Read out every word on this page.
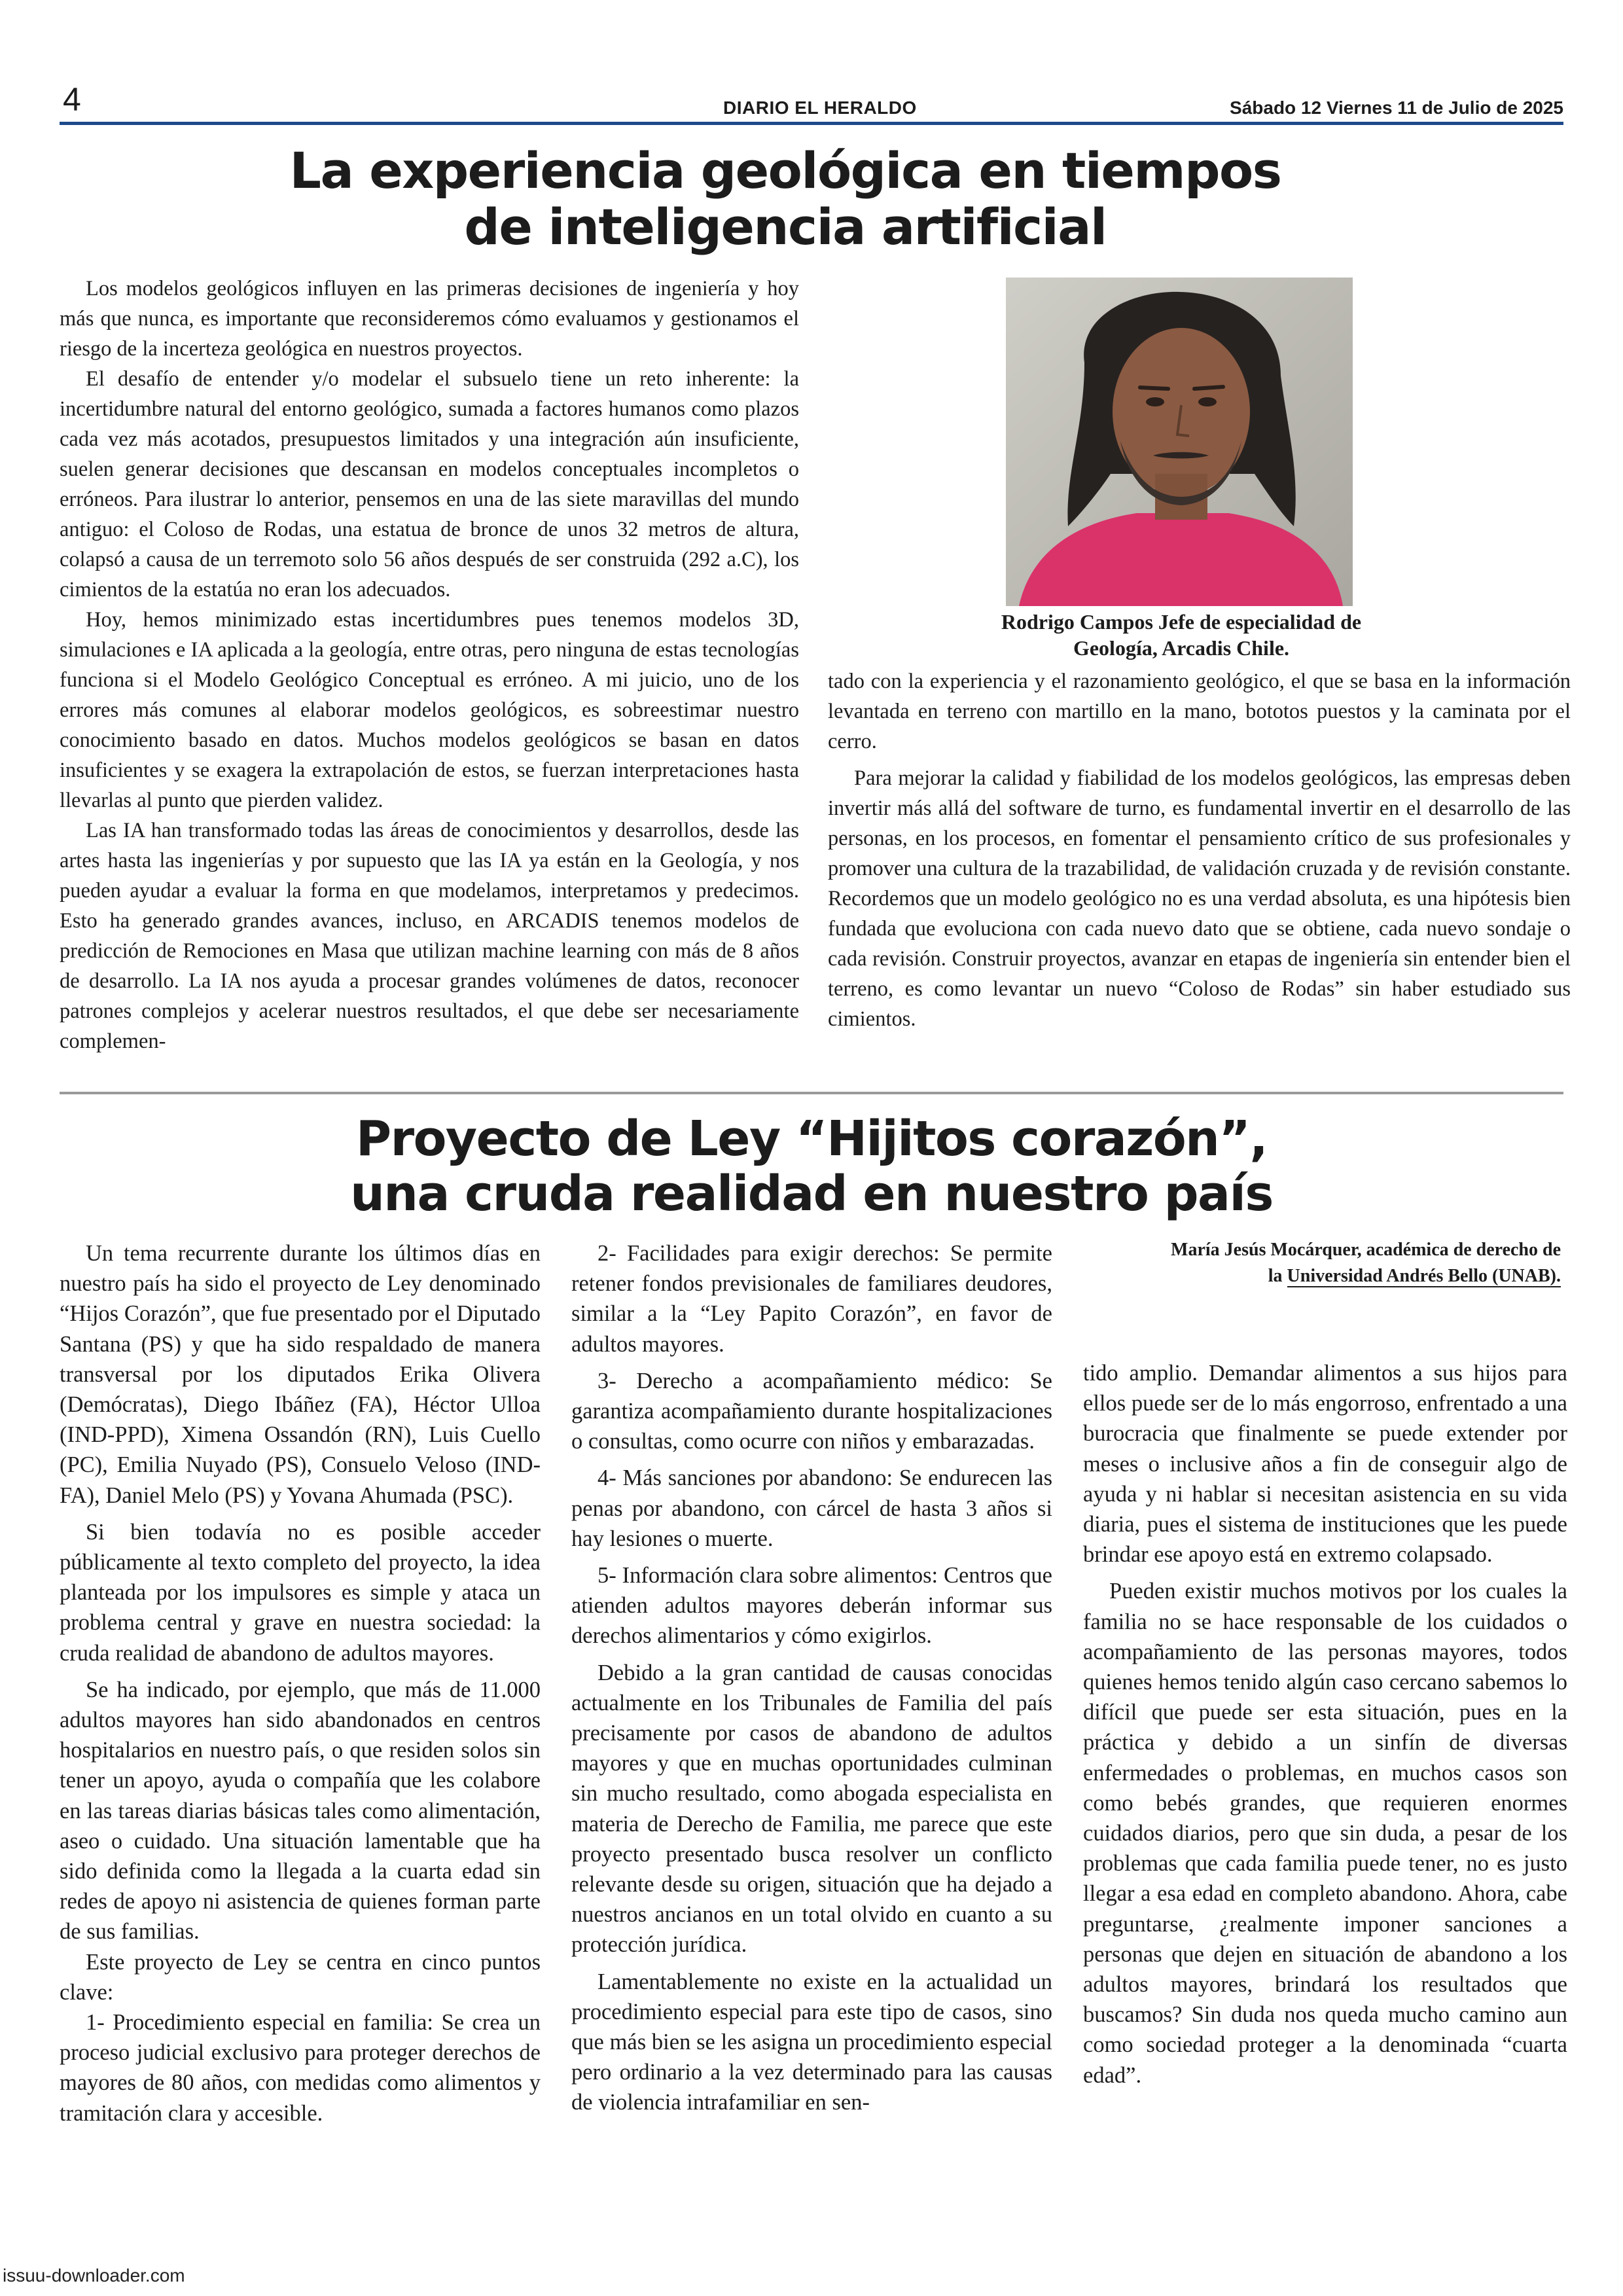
4	DIARIO EL HERALDO	Sábado 12 Viernes 11 de Julio de 2025
La experiencia geológica en tiempos
de inteligencia artificial

Los modelos geológicos influyen en las primeras decisiones de ingeniería y hoy más que nunca, es importante que reconsideremos cómo evaluamos y gestionamos el riesgo de la incerteza geológica en nuestros proyectos.

El desafío de entender y/o modelar el subsuelo tiene un reto inherente: la incertidumbre natural del entorno geológico, sumada a factores humanos como plazos cada vez más acotados, presupuestos limitados y una integración aún insuficiente, suelen generar decisiones que descansan en modelos conceptuales incompletos o erróneos. Para ilustrar lo anterior, pensemos en una de las siete maravillas del mundo antiguo: el Coloso de Rodas, una estatua de bronce de unos 32 metros de altura, colapsó a causa de un terremoto solo 56 años después de ser construida (292 a.C), los cimientos de la estatúa no eran los adecuados.

Hoy, hemos minimizado estas incertidumbres pues tenemos modelos 3D, simulaciones e IA aplicada a la geología, entre otras, pero ninguna de estas tecnologías funciona si el Modelo Geológico Conceptual es erróneo. A mi juicio, uno de los errores más comunes al elaborar modelos geológicos, es sobreestimar nuestro conocimiento basado en datos. Muchos modelos geológicos se basan en datos insuficientes y se exagera la extrapolación de estos, se fuerzan interpretaciones hasta llevarlas al punto que pierden validez.

Las IA han transformado todas las áreas de conocimientos y desarrollos, desde las artes hasta las ingenierías y por supuesto que las IA ya están en la Geología, y nos pueden ayudar a evaluar la forma en que modelamos, interpretamos y predecimos. Esto ha generado grandes avances, incluso, en ARCADIS tenemos modelos de predicción de Remociones en Masa que utilizan machine learning con más de 8 años de desarrollo. La IA nos ayuda a procesar grandes volúmenes de datos, reconocer patrones complejos y acelerar nuestros resultados, el que debe ser necesariamente complemen-

Rodrigo Campos Jefe de especialidad de
Geología, Arcadis Chile.

tado con la experiencia y el razonamiento geológico, el que se basa en la información levantada en terreno con martillo en la mano, bototos puestos y la caminata por el cerro.

Para mejorar la calidad y fiabilidad de los modelos geológicos, las empresas deben invertir más allá del software de turno, es fundamental invertir en el desarrollo de las personas, en los procesos, en fomentar el pensamiento crítico de sus profesionales y promover una cultura de la trazabilidad, de validación cruzada y de revisión constante. Recordemos que un modelo geológico no es una verdad absoluta, es una hipótesis bien fundada que evoluciona con cada nuevo dato que se obtiene, cada nuevo sondaje o cada revisión. Construir proyectos, avanzar en etapas de ingeniería sin entender bien el terreno, es como levantar un nuevo “Coloso de Rodas” sin haber estudiado sus cimientos.

Proyecto de Ley “Hijitos corazón”,
una cruda realidad en nuestro país
María Jesús Mocárquer, académica de derecho de
la Universidad Andrés Bello (UNAB).

Un tema recurrente durante los últimos días en nuestro país ha sido el proyecto de Ley denominado “Hijos Corazón”, que fue presentado por el Diputado Santana (PS) y que ha sido respaldado de manera transversal por los diputados Erika Olivera (Demócratas), Diego Ibáñez (FA), Héctor Ulloa (IND-PPD), Ximena Ossandón (RN), Luis Cuello (PC), Emilia Nuyado (PS), Consuelo Veloso (IND-FA), Daniel Melo (PS) y Yovana Ahumada (PSC).

Si bien todavía no es posible acceder públicamente al texto completo del proyecto, la idea planteada por los impulsores es simple y ataca un problema central y grave en nuestra sociedad: la cruda realidad de abandono de adultos mayores.

Se ha indicado, por ejemplo, que más de 11.000 adultos mayores han sido abandonados en centros hospitalarios en nuestro país, o que residen solos sin tener un apoyo, ayuda o compañía que les colabore en las tareas diarias básicas tales como alimentación, aseo o cuidado. Una situación lamentable que ha sido definida como la llegada a la cuarta edad sin redes de apoyo ni asistencia de quienes forman parte de sus familias.

Este proyecto de Ley se centra en cinco puntos clave:

1- Procedimiento especial en familia: Se crea un proceso judicial exclusivo para proteger derechos de mayores de 80 años, con medidas como alimentos y tramitación clara y accesible.

2- Facilidades para exigir derechos: Se permite retener fondos previsionales de familiares deudores, similar a la “Ley Papito Corazón”, en favor de adultos mayores.

3- Derecho a acompañamiento médico: Se garantiza acompañamiento durante hospitalizaciones o consultas, como ocurre con niños y embarazadas.

4- Más sanciones por abandono: Se endurecen las penas por abandono, con cárcel de hasta 3 años si hay lesiones o muerte.

5- Información clara sobre alimentos: Centros que atienden adultos mayores deberán informar sus derechos alimentarios y cómo exigirlos.

Debido a la gran cantidad de causas conocidas actualmente en los Tribunales de Familia del país precisamente por casos de abandono de adultos mayores y que en muchas oportunidades culminan sin mucho resultado, como abogada especialista en materia de Derecho de Familia, me parece que este proyecto presentado busca resolver un conflicto relevante desde su origen, situación que ha dejado a nuestros ancianos en un total olvido en cuanto a su protección jurídica.

Lamentablemente no existe en la actualidad un procedimiento especial para este tipo de casos, sino que más bien se les asigna un procedimiento especial pero ordinario a la vez determinado para las causas de violencia intrafamiliar en sen-

tido amplio. Demandar alimentos a sus hijos para ellos puede ser de lo más engorroso, enfrentado a una burocracia que finalmente se puede extender por meses o inclusive años a fin de conseguir algo de ayuda y ni hablar si necesitan asistencia en su vida diaria, pues el sistema de instituciones que les puede brindar ese apoyo está en extremo colapsado.

Pueden existir muchos motivos por los cuales la familia no se hace responsable de los cuidados o acompañamiento de las personas mayores, todos quienes hemos tenido algún caso cercano sabemos lo difícil que puede ser esta situación, pues en la práctica y debido a un sinfín de diversas enfermedades o problemas, en muchos casos son como bebés grandes, que requieren enormes cuidados diarios, pero que sin duda, a pesar de los problemas que cada familia puede tener, no es justo llegar a esa edad en completo abandono. Ahora, cabe preguntarse, ¿realmente imponer sanciones a personas que dejen en situación de abandono a los adultos mayores, brindará los resultados que buscamos? Sin duda nos queda mucho camino aun como sociedad proteger a la denominada “cuarta edad”.

issuu-downloader.com
